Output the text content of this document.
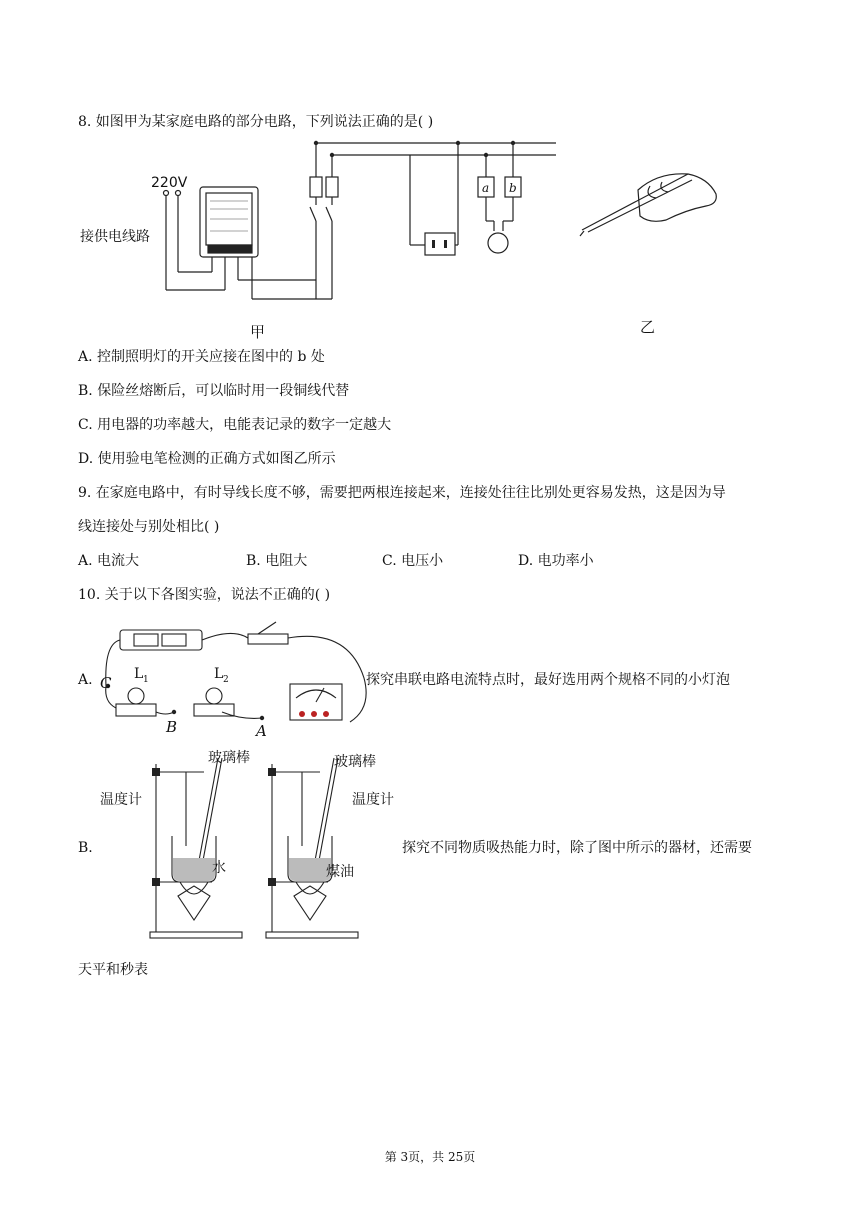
8. 如图甲为某家庭电路的部分电路，下列说法正确的是( )
220V
接供电线路
a b
甲	乙
A. 控制照明灯的开关应接在图中的 b 处
B. 保险丝熔断后，可以临时用一段铜线代替
C. 用电器的功率越大，电能表记录的数字一定越大
D. 使用验电笔检测的正确方式如图乙所示
9. 在家庭电路中，有时导线长度不够，需要把两根连接起来，连接处往往比别处更容易发热，这是因为导
线连接处与别处相比( )
A. 电流大	B. 电阻大	C. 电压小	D. 电功率小
10. 关于以下各图实验，说法不正确的( )
A. C
B	A
L 1	L 2	探究串联电路电流特点时，最好选用两个规格不同的小灯泡
B.
玻璃棒
温度计
水
玻璃棒
温度计
煤油
探究不同物质吸热能力时，除了图中所示的器材，还需要
天平和秒表
第 3页，共 25页
